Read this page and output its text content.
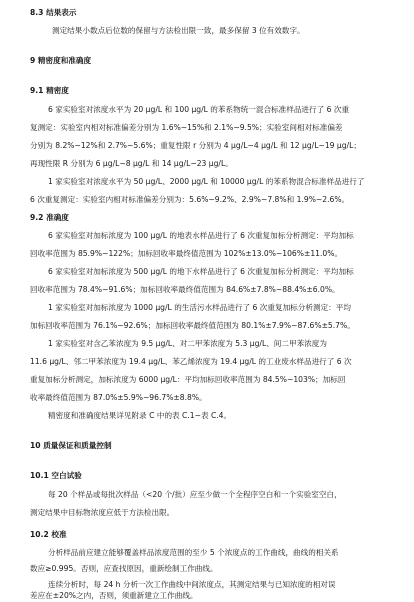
8.3 结果表示
测定结果小数点后位数的保留与方法检出限一致，最多保留 3 位有效数字。
9 精密度和准确度
9.1 精密度
6 家实验室对浓度水平为 20 μg/L 和 100 μg/L 的苯系物统一混合标准样品进行了 6 次重
复测定：实验室内相对标准偏差分别为 1.6%~15%和 2.1%~9.5%；实验室间相对标准偏差
分别为 8.2%~12%和 2.7%~5.6%；重复性限 r 分别为 4 μg/L~4 μg/L 和 12 μg/L~19 μg/L；
再现性限 R 分别为 6 μg/L~8 μg/L 和 14 μg/L~23 μg/L。
1 家实验室对浓度水平为 50 μg/L、2000 μg/L 和 10000 μg/L 的苯系物混合标准样品进行了
6 次重复测定：实验室内相对标准偏差分别为：5.6%~9.2%、2.9%~7.8%和 1.9%~2.6%。
9.2 准确度
6 家实验室对加标浓度为 100 μg/L 的地表水样品进行了 6 次重复加标分析测定：平均加标
回收率范围为 85.9%~122%；加标回收率最终值范围为 102%±13.0%~106%±11.0%。
6 家实验室对加标浓度为 500 μg/L 的地下水样品进行了 6 次重复加标分析测定：平均加标
回收率范围为 78.4%~91.6%；加标回收率最终值范围为 84.6%±7.8%~88.4%±6.0%。
1 家实验室对加标浓度为 1000 μg/L 的生活污水样品进行了 6 次重复加标分析测定：平均
加标回收率范围为 76.1%~92.6%；加标回收率最终值范围为 80.1%±7.9%~87.6%±5.7%。
1 家实验室对含乙苯浓度为 9.5 μg/L、对二甲苯浓度为 5.3 μg/L、间二甲苯浓度为
11.6 μg/L、邻二甲苯浓度为 19.4 μg/L、苯乙烯浓度为 19.4 μg/L 的工业废水样品进行了 6 次
重复加标分析测定，加标浓度为 6000 μg/L：平均加标回收率范围为 84.5%~103%；加标回
收率最终值范围为 87.0%±5.9%~96.7%±8.8%。
精密度和准确度结果详见附录 C 中的表 C.1~表 C.4。
10 质量保证和质量控制
10.1 空白试验
每 20 个样品或每批次样品（<20 个/批）应至少做一个全程序空白和一个实验室空白，
测定结果中目标物浓度应低于方法检出限。
10.2 校准
分析样品前应建立能够覆盖样品浓度范围的至少 5 个浓度点的工作曲线，曲线的相关系
数应≥0.995。否则，应查找原因，重新绘制工作曲线。
连续分析时，每 24 h 分析一次工作曲线中间浓度点，其测定结果与已知浓度的相对误
差应在±20%之内，否则，须重新建立工作曲线。
